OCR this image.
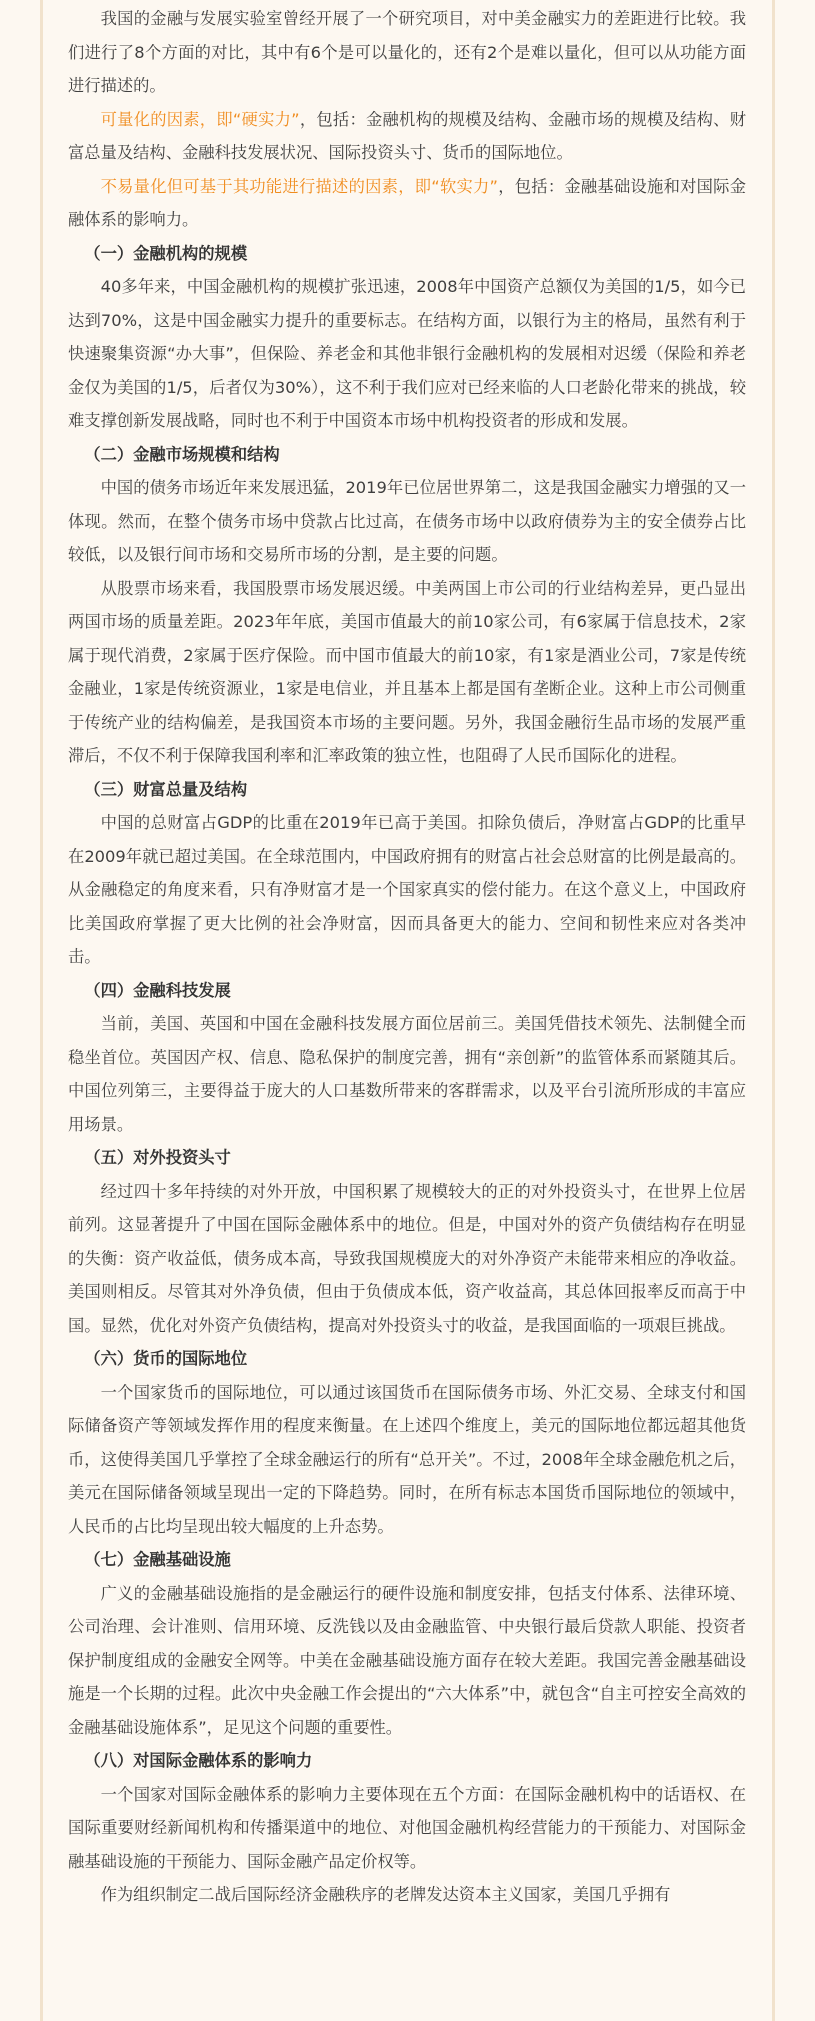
我国的金融与发展实验室曾经开展了一个研究项目，对中美金融实力的差距进行比较。我们进行了8个方面的对比，其中有6个是可以量化的，还有2个是难以量化，但可以从功能方面进行描述的。

可量化的因素，即“硬实力”，包括：金融机构的规模及结构、金融市场的规模及结构、财富总量及结构、金融科技发展状况、国际投资头寸、货币的国际地位。

不易量化但可基于其功能进行描述的因素，即“软实力”，包括：金融基础设施和对国际金融体系的影响力。

（一）金融机构的规模

40多年来，中国金融机构的规模扩张迅速，2008年中国资产总额仅为美国的1/5，如今已达到70%，这是中国金融实力提升的重要标志。在结构方面，以银行为主的格局，虽然有利于快速聚集资源“办大事”，但保险、养老金和其他非银行金融机构的发展相对迟缓（保险和养老金仅为美国的1/5，后者仅为30%），这不利于我们应对已经来临的人口老龄化带来的挑战，较难支撑创新发展战略，同时也不利于中国资本市场中机构投资者的形成和发展。

（二）金融市场规模和结构

中国的债务市场近年来发展迅猛，2019年已位居世界第二，这是我国金融实力增强的又一体现。然而，在整个债务市场中贷款占比过高，在债务市场中以政府债券为主的安全债券占比较低，以及银行间市场和交易所市场的分割，是主要的问题。

从股票市场来看，我国股票市场发展迟缓。中美两国上市公司的行业结构差异，更凸显出两国市场的质量差距。2023年年底，美国市值最大的前10家公司，有6家属于信息技术，2家属于现代消费，2家属于医疗保险。而中国市值最大的前10家，有1家是酒业公司，7家是传统金融业，1家是传统资源业，1家是电信业，并且基本上都是国有垄断企业。这种上市公司侧重于传统产业的结构偏差，是我国资本市场的主要问题。另外，我国金融衍生品市场的发展严重滞后，不仅不利于保障我国利率和汇率政策的独立性，也阻碍了人民币国际化的进程。

（三）财富总量及结构

中国的总财富占GDP的比重在2019年已高于美国。扣除负债后，净财富占GDP的比重早在2009年就已超过美国。在全球范围内，中国政府拥有的财富占社会总财富的比例是最高的。从金融稳定的角度来看，只有净财富才是一个国家真实的偿付能力。在这个意义上，中国政府比美国政府掌握了更大比例的社会净财富，因而具备更大的能力、空间和韧性来应对各类冲击。

（四）金融科技发展

当前，美国、英国和中国在金融科技发展方面位居前三。美国凭借技术领先、法制健全而稳坐首位。英国因产权、信息、隐私保护的制度完善，拥有“亲创新”的监管体系而紧随其后。中国位列第三，主要得益于庞大的人口基数所带来的客群需求，以及平台引流所形成的丰富应用场景。

（五）对外投资头寸

经过四十多年持续的对外开放，中国积累了规模较大的正的对外投资头寸，在世界上位居前列。这显著提升了中国在国际金融体系中的地位。但是，中国对外的资产负债结构存在明显的失衡：资产收益低，债务成本高，导致我国规模庞大的对外净资产未能带来相应的净收益。美国则相反。尽管其对外净负债，但由于负债成本低，资产收益高，其总体回报率反而高于中国。显然，优化对外资产负债结构，提高对外投资头寸的收益，是我国面临的一项艰巨挑战。

（六）货币的国际地位

一个国家货币的国际地位，可以通过该国货币在国际债务市场、外汇交易、全球支付和国际储备资产等领域发挥作用的程度来衡量。在上述四个维度上，美元的国际地位都远超其他货币，这使得美国几乎掌控了全球金融运行的所有“总开关”。不过，2008年全球金融危机之后，美元在国际储备领域呈现出一定的下降趋势。同时，在所有标志本国货币国际地位的领域中，人民币的占比均呈现出较大幅度的上升态势。

（七）金融基础设施

广义的金融基础设施指的是金融运行的硬件设施和制度安排，包括支付体系、法律环境、公司治理、会计准则、信用环境、反洗钱以及由金融监管、中央银行最后贷款人职能、投资者保护制度组成的金融安全网等。中美在金融基础设施方面存在较大差距。我国完善金融基础设施是一个长期的过程。此次中央金融工作会提出的“六大体系”中，就包含“自主可控安全高效的金融基础设施体系”，足见这个问题的重要性。

（八）对国际金融体系的影响力

一个国家对国际金融体系的影响力主要体现在五个方面：在国际金融机构中的话语权、在国际重要财经新闻机构和传播渠道中的地位、对他国金融机构经营能力的干预能力、对国际金融基础设施的干预能力、国际金融产品定价权等。

作为组织制定二战后国际经济金融秩序的老牌发达资本主义国家，美国几乎拥有
